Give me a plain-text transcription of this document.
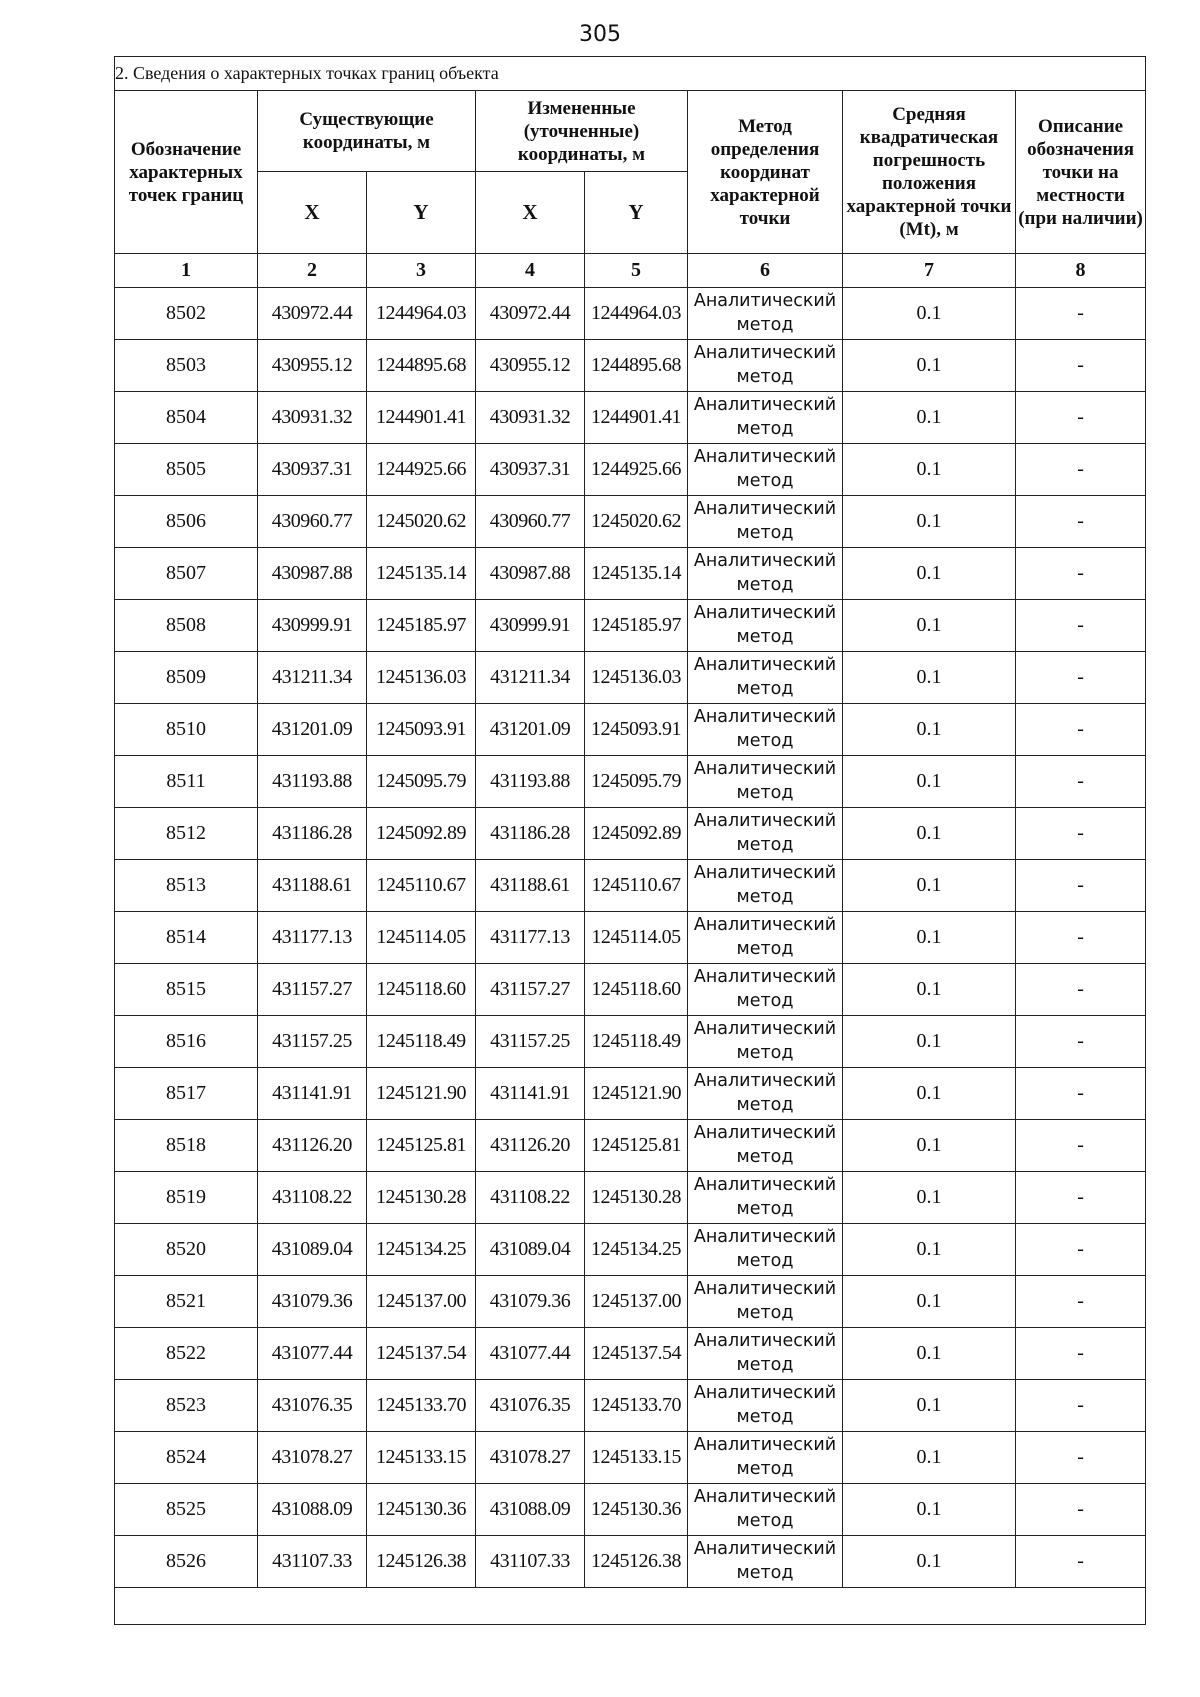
305
2. Сведения о характерных точках границ объекта							
Обозначение характерных точек границ	Существующие координаты, м		Измененные (уточненные) координаты, м		Метод определения координат характерной точки	Средняя квадратическая погрешность положения характерной точки (Mt), м	Описание обозначения точки на местности (при наличии)
	X	Y	X	Y			
1	2	3	4	5	6	7	8
8502	430972.44	1244964.03	430972.44	1244964.03	Аналитический метод	0.1	-
8503	430955.12	1244895.68	430955.12	1244895.68	Аналитический метод	0.1	-
8504	430931.32	1244901.41	430931.32	1244901.41	Аналитический метод	0.1	-
8505	430937.31	1244925.66	430937.31	1244925.66	Аналитический метод	0.1	-
8506	430960.77	1245020.62	430960.77	1245020.62	Аналитический метод	0.1	-
8507	430987.88	1245135.14	430987.88	1245135.14	Аналитический метод	0.1	-
8508	430999.91	1245185.97	430999.91	1245185.97	Аналитический метод	0.1	-
8509	431211.34	1245136.03	431211.34	1245136.03	Аналитический метод	0.1	-
8510	431201.09	1245093.91	431201.09	1245093.91	Аналитический метод	0.1	-
8511	431193.88	1245095.79	431193.88	1245095.79	Аналитический метод	0.1	-
8512	431186.28	1245092.89	431186.28	1245092.89	Аналитический метод	0.1	-
8513	431188.61	1245110.67	431188.61	1245110.67	Аналитический метод	0.1	-
8514	431177.13	1245114.05	431177.13	1245114.05	Аналитический метод	0.1	-
8515	431157.27	1245118.60	431157.27	1245118.60	Аналитический метод	0.1	-
8516	431157.25	1245118.49	431157.25	1245118.49	Аналитический метод	0.1	-
8517	431141.91	1245121.90	431141.91	1245121.90	Аналитический метод	0.1	-
8518	431126.20	1245125.81	431126.20	1245125.81	Аналитический метод	0.1	-
8519	431108.22	1245130.28	431108.22	1245130.28	Аналитический метод	0.1	-
8520	431089.04	1245134.25	431089.04	1245134.25	Аналитический метод	0.1	-
8521	431079.36	1245137.00	431079.36	1245137.00	Аналитический метод	0.1	-
8522	431077.44	1245137.54	431077.44	1245137.54	Аналитический метод	0.1	-
8523	431076.35	1245133.70	431076.35	1245133.70	Аналитический метод	0.1	-
8524	431078.27	1245133.15	431078.27	1245133.15	Аналитический метод	0.1	-
8525	431088.09	1245130.36	431088.09	1245130.36	Аналитический метод	0.1	-
8526	431107.33	1245126.38	431107.33	1245126.38	Аналитический метод	0.1	-
